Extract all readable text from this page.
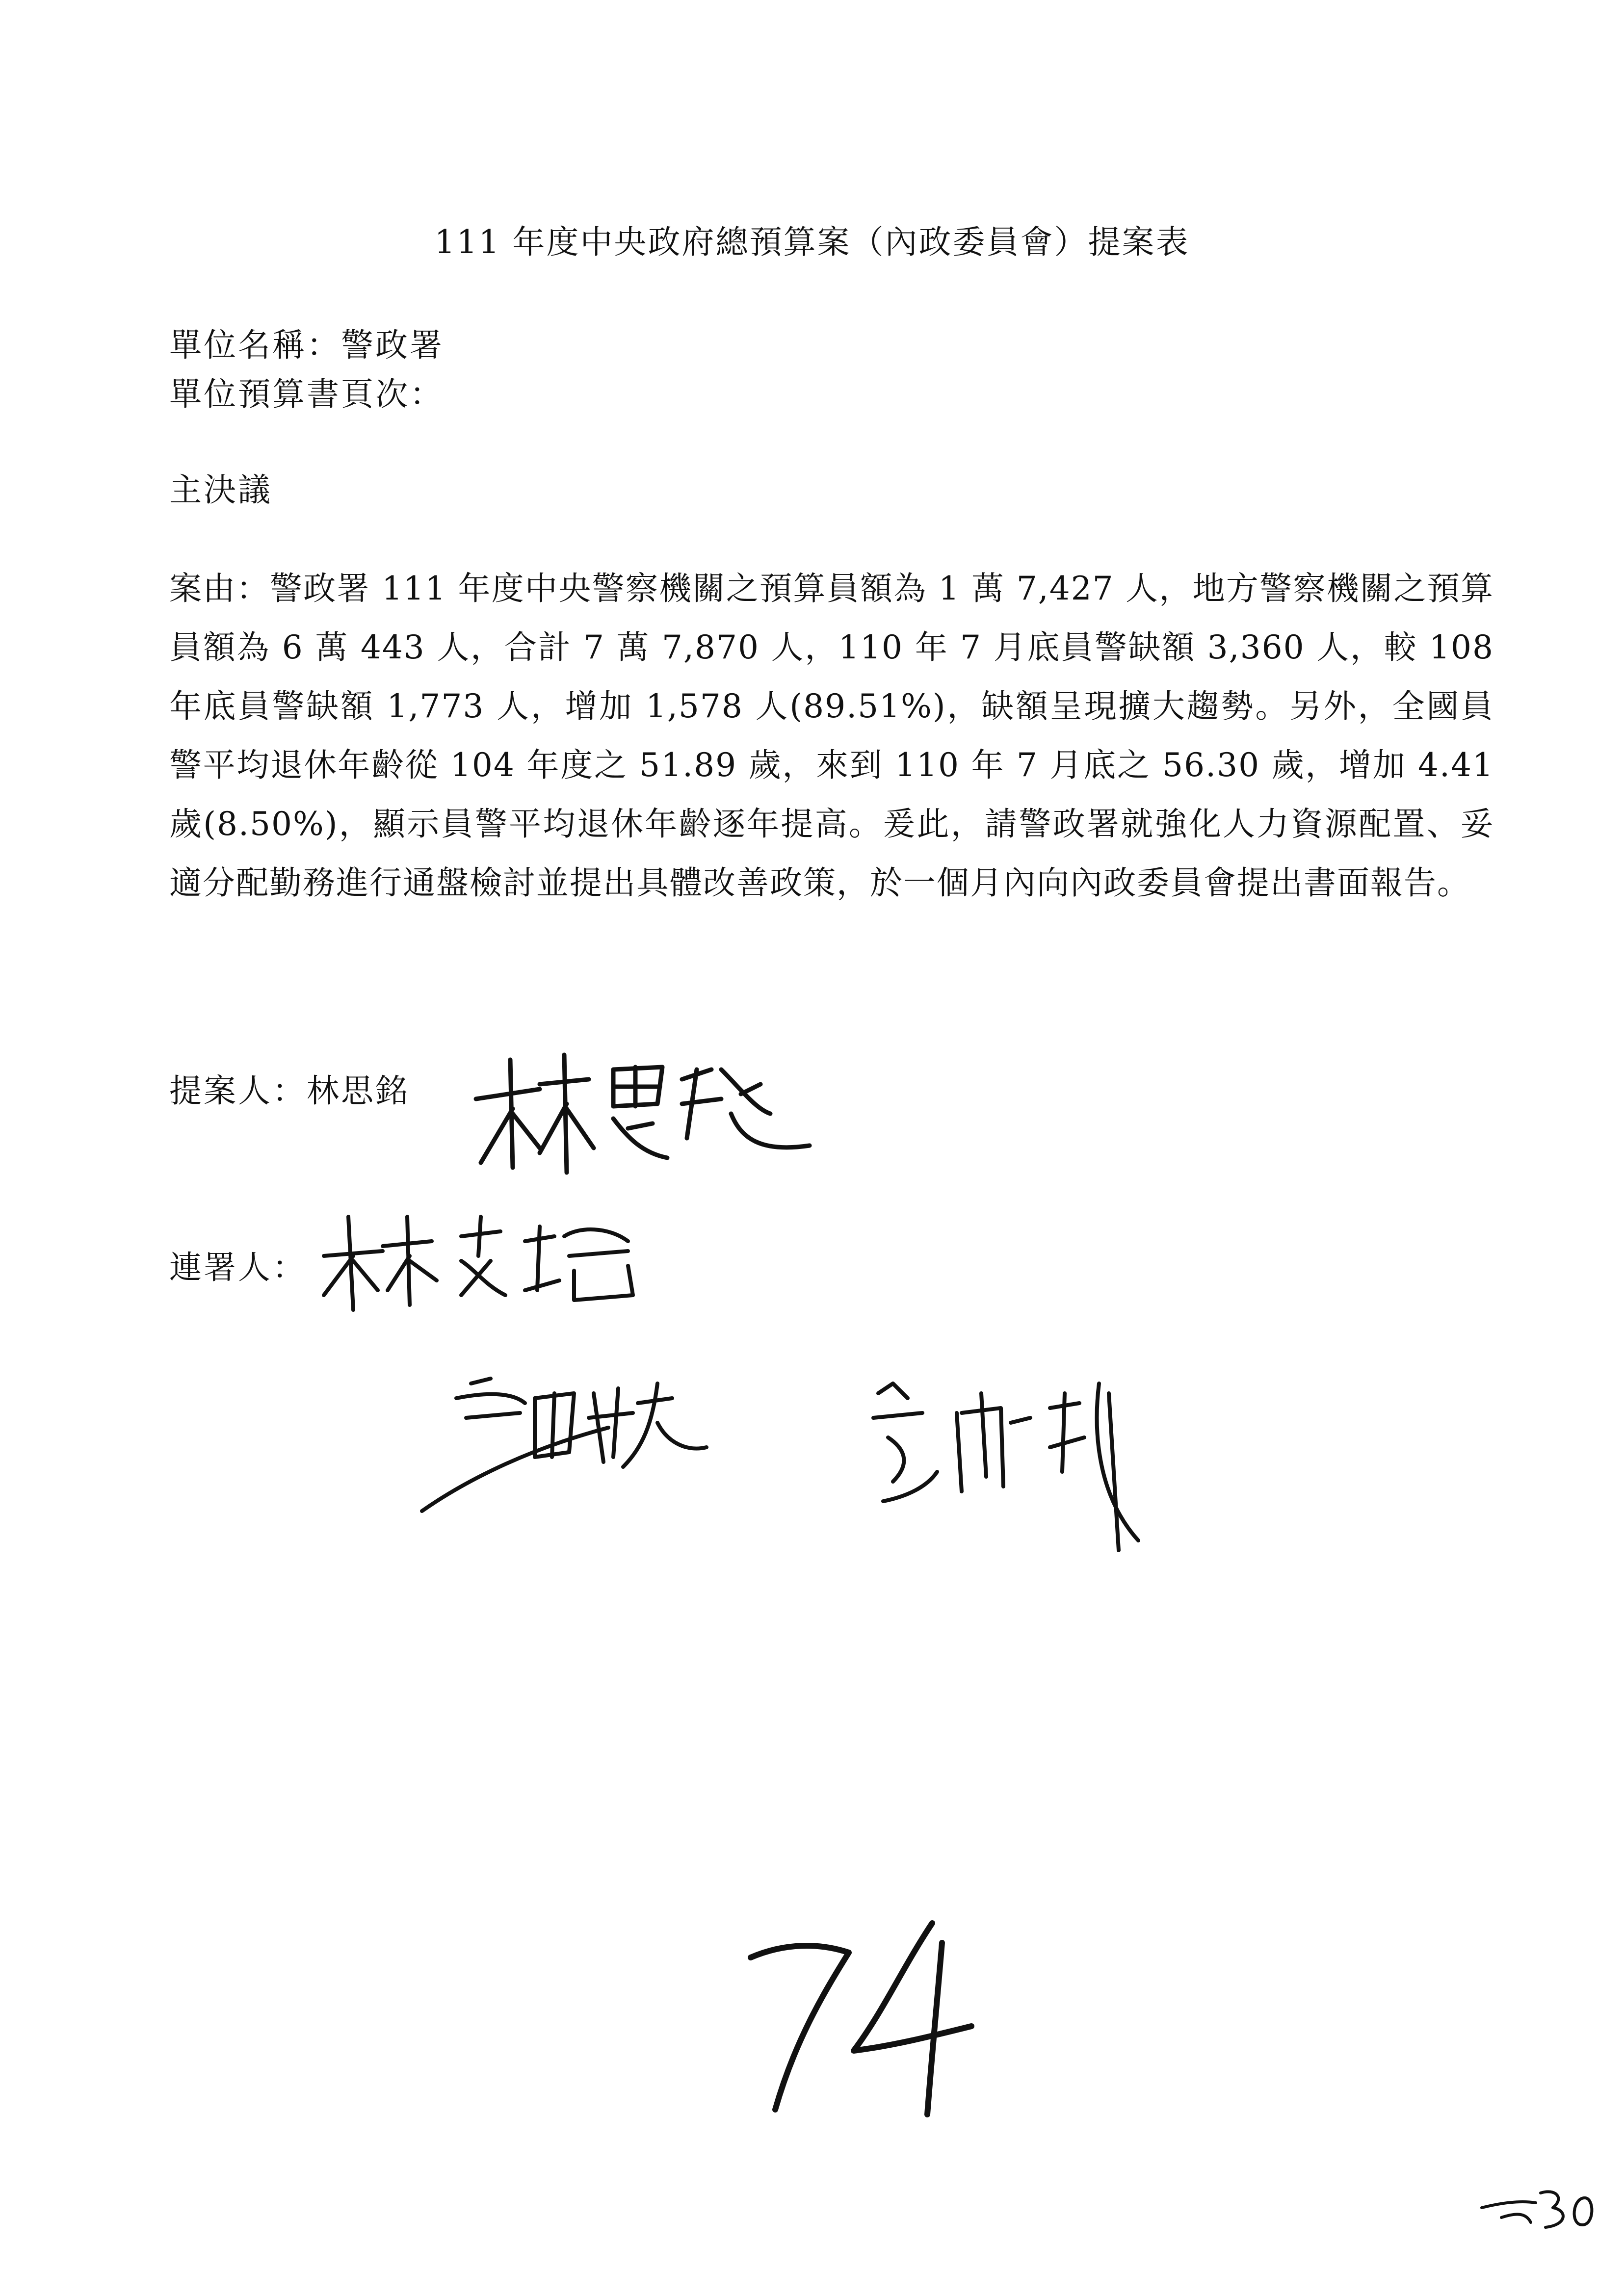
111 年度中央政府總預算案（內政委員會）提案表
單位名稱：警政署
單位預算書頁次：
主決議
案由：警政署 111 年度中央警察機關之預算員額為 1 萬 7,427 人，地方警察機關之預算員額為 6 萬 443 人，合計 7 萬 7,870 人，110 年 7 月底員警缺額 3,360 人，較 108 年底員警缺額 1,773 人，增加 1,578 人(89.51%)，缺額呈現擴大趨勢。另外，全國員警平均退休年齡從 104 年度之 51.89 歲，來到 110 年 7 月底之 56.30 歲，增加 4.41 歲(8.50%)，顯示員警平均退休年齡逐年提高。爰此，請警政署就強化人力資源配置、妥適分配勤務進行通盤檢討並提出具體改善政策，於一個月內向內政委員會提出書面報告。
提案人：林思銘
連署人：
